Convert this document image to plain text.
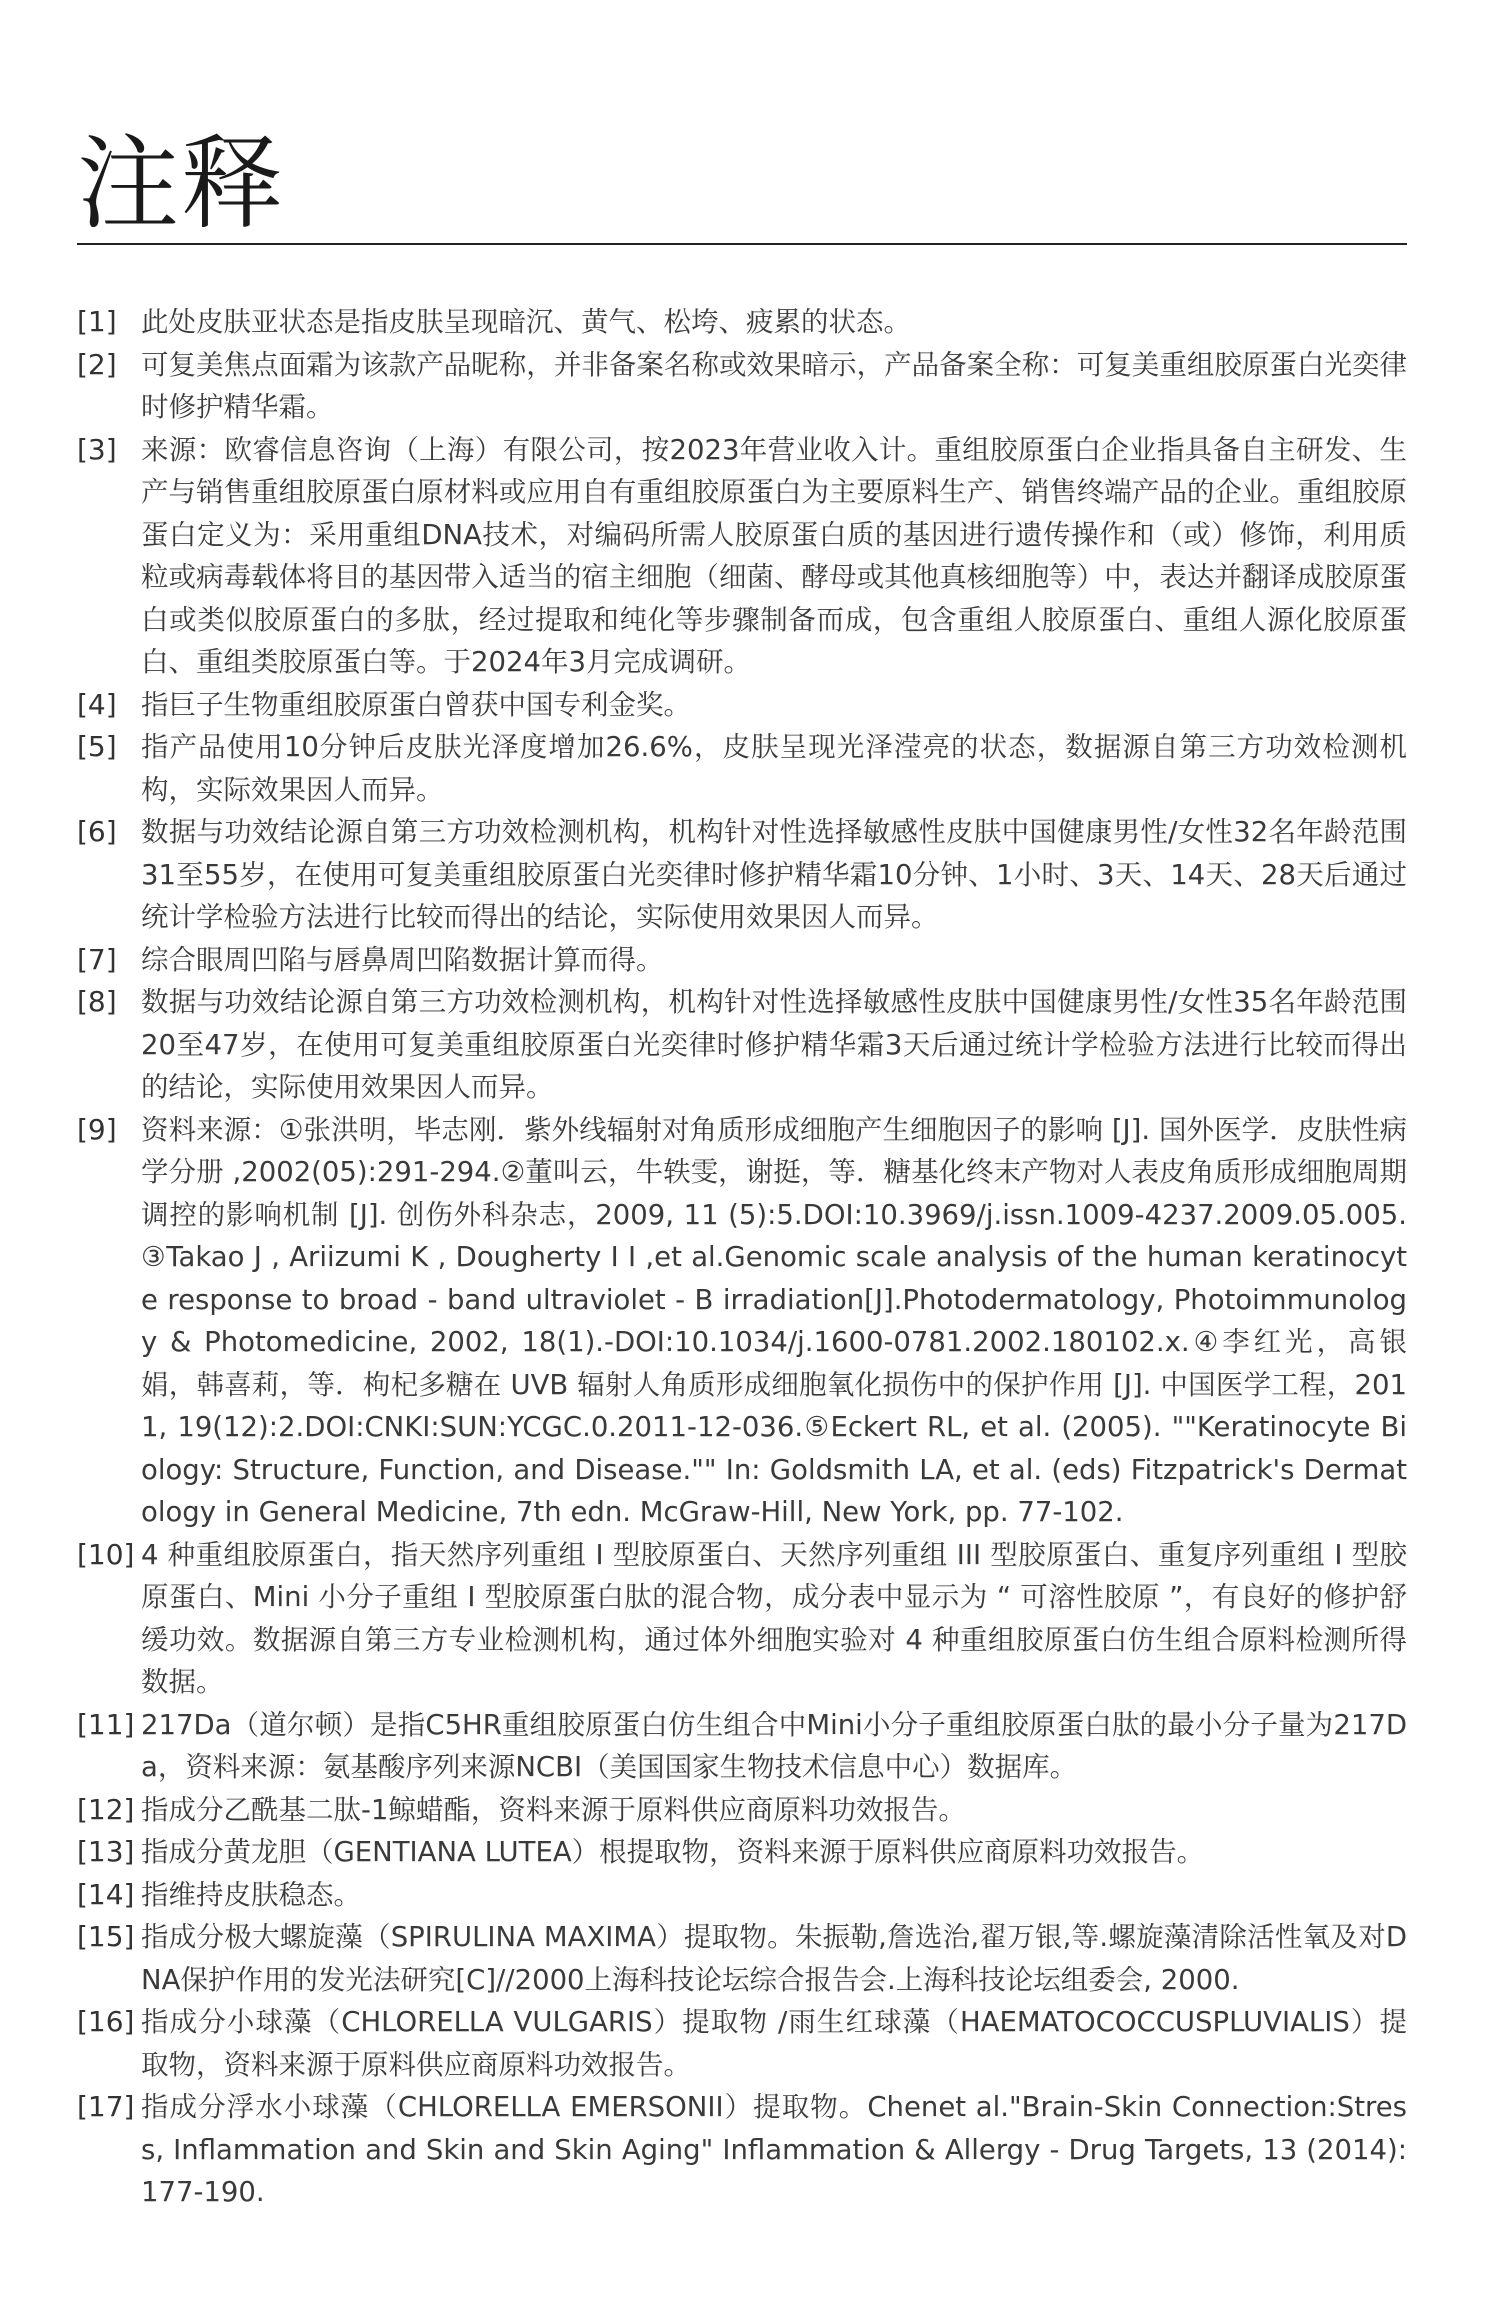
注释
[1] 此处皮肤亚状态是指皮肤呈现暗沉、黄气、松垮、疲累的状态。
[2] 可复美焦点面霜为该款产品昵称，并非备案名称或效果暗示，产品备案全称：可复美重组胶原蛋白光奕律时修护精华霜。
[3] 来源：欧睿信息咨询（上海）有限公司，按2023年营业收入计。重组胶原蛋白企业指具备自主研发、生产与销售重组胶原蛋白原材料或应用自有重组胶原蛋白为主要原料生产、销售终端产品的企业。重组胶原蛋白定义为：采用重组DNA技术，对编码所需人胶原蛋白质的基因进行遗传操作和（或）修饰，利用质粒或病毒载体将目的基因带入适当的宿主细胞（细菌、酵母或其他真核细胞等）中，表达并翻译成胶原蛋白或类似胶原蛋白的多肽，经过提取和纯化等步骤制备而成，包含重组人胶原蛋白、重组人源化胶原蛋白、重组类胶原蛋白等。于2024年3月完成调研。
[4] 指巨子生物重组胶原蛋白曾获中国专利金奖。
[5] 指产品使用10分钟后皮肤光泽度增加26.6%，皮肤呈现光泽滢亮的状态，数据源自第三方功效检测机构，实际效果因人而异。
[6] 数据与功效结论源自第三方功效检测机构，机构针对性选择敏感性皮肤中国健康男性/女性32名年龄范围31至55岁，在使用可复美重组胶原蛋白光奕律时修护精华霜10分钟、1小时、3天、14天、28天后通过统计学检验方法进行比较而得出的结论，实际使用效果因人而异。
[7] 综合眼周凹陷与唇鼻周凹陷数据计算而得。
[8] 数据与功效结论源自第三方功效检测机构，机构针对性选择敏感性皮肤中国健康男性/女性35名年龄范围20至47岁，在使用可复美重组胶原蛋白光奕律时修护精华霜3天后通过统计学检验方法进行比较而得出的结论，实际使用效果因人而异。
[9] 资料来源：①张洪明，毕志刚．紫外线辐射对角质形成细胞产生细胞因子的影响 [J]. 国外医学．皮肤性病学分册 ,2002(05):291-294.②董叫云，牛轶雯，谢挺，等．糖基化终末产物对人表皮角质形成细胞周期调控的影响机制 [J]. 创伤外科杂志，2009, 11 (5):5.DOI:10.3969/j.issn.1009-4237.2009.05.005.③Takao J , Ariizumi K , Dougherty I I ,et al.Genomic scale analysis of the human keratinocyte response to broad - band ultraviolet - B irradiation[J].Photodermatology, Photoimmunology & Photomedicine, 2002, 18(1).-DOI:10.1034/j.1600-0781.2002.180102.x.④李红光，高银娟，韩喜莉，等．枸杞多糖在 UVB 辐射人角质形成细胞氧化损伤中的保护作用 [J]. 中国医学工程，2011, 19(12):2.DOI:CNKI:SUN:YCGC.0.2011-12-036.⑤Eckert RL, et al. (2005). ""Keratinocyte Biology: Structure, Function, and Disease."" In: Goldsmith LA, et al. (eds) Fitzpatrick's Dermatology in General Medicine, 7th edn. McGraw-Hill, New York, pp. 77-102.
[10] 4 种重组胶原蛋白，指天然序列重组 I 型胶原蛋白、天然序列重组 III 型胶原蛋白、重复序列重组 I 型胶原蛋白、Mini 小分子重组 I 型胶原蛋白肽的混合物，成分表中显示为 “ 可溶性胶原 ”，有良好的修护舒缓功效。数据源自第三方专业检测机构，通过体外细胞实验对 4 种重组胶原蛋白仿生组合原料检测所得数据。
[11] 217Da（道尔顿）是指C5HR重组胶原蛋白仿生组合中Mini小分子重组胶原蛋白肽的最小分子量为217Da，资料来源：氨基酸序列来源NCBI（美国国家生物技术信息中心）数据库。
[12] 指成分乙酰基二肽-1鲸蜡酯，资料来源于原料供应商原料功效报告。
[13] 指成分黄龙胆（GENTIANA LUTEA）根提取物，资料来源于原料供应商原料功效报告。
[14] 指维持皮肤稳态。
[15] 指成分极大螺旋藻（SPIRULINA MAXIMA）提取物。朱振勒,詹选治,翟万银,等.螺旋藻清除活性氧及对DNA保护作用的发光法研究[C]//2000上海科技论坛综合报告会.上海科技论坛组委会, 2000.
[16] 指成分小球藻（CHLORELLA VULGARIS）提取物 /雨生红球藻（HAEMATOCOCCUSPLUVIALIS）提取物，资料来源于原料供应商原料功效报告。
[17] 指成分浮水小球藻（CHLORELLA EMERSONII）提取物。Chenet al."Brain-Skin Connection:Stress, Inflammation and Skin and Skin Aging" Inflammation & Allergy - Drug Targets, 13 (2014): 177-190.
